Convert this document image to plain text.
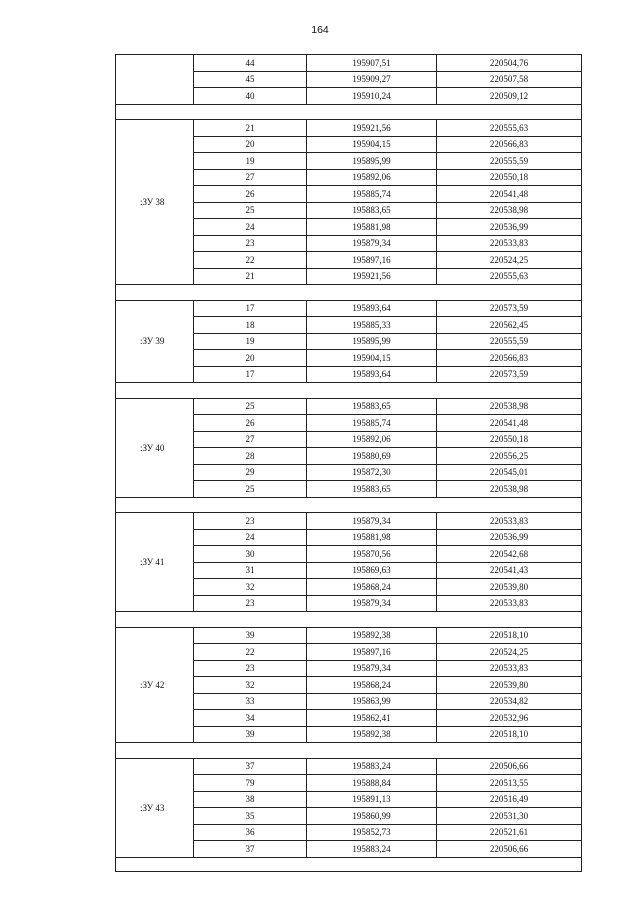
164
	44	195907,51	220504,76
	45	195909,27	220507,58
	40	195910,24	220509,12

:ЗУ 38	21	195921,56	220555,63
	20	195904,15	220566,83
	19	195895,99	220555,59
	27	195892,06	220550,18
	26	195885,74	220541,48
	25	195883,65	220538,98
	24	195881,98	220536,99
	23	195879,34	220533,83
	22	195897,16	220524,25
	21	195921,56	220555,63

:ЗУ 39	17	195893,64	220573,59
	18	195885,33	220562,45
	19	195895,99	220555,59
	20	195904,15	220566,83
	17	195893,64	220573,59

:ЗУ 40	25	195883,65	220538,98
	26	195885,74	220541,48
	27	195892,06	220550,18
	28	195880,69	220556,25
	29	195872,30	220545,01
	25	195883,65	220538,98

:ЗУ 41	23	195879,34	220533,83
	24	195881,98	220536,99
	30	195870,56	220542,68
	31	195869,63	220541,43
	32	195868,24	220539,80
	23	195879,34	220533,83

:ЗУ 42	39	195892,38	220518,10
	22	195897,16	220524,25
	23	195879,34	220533,83
	32	195868,24	220539,80
	33	195863,99	220534,82
	34	195862,41	220532,96
	39	195892,38	220518,10

:ЗУ 43	37	195883,24	220506,66
	79	195888,84	220513,55
	38	195891,13	220516,49
	35	195860,99	220531,30
	36	195852,73	220521,61
	37	195883,24	220506,66
